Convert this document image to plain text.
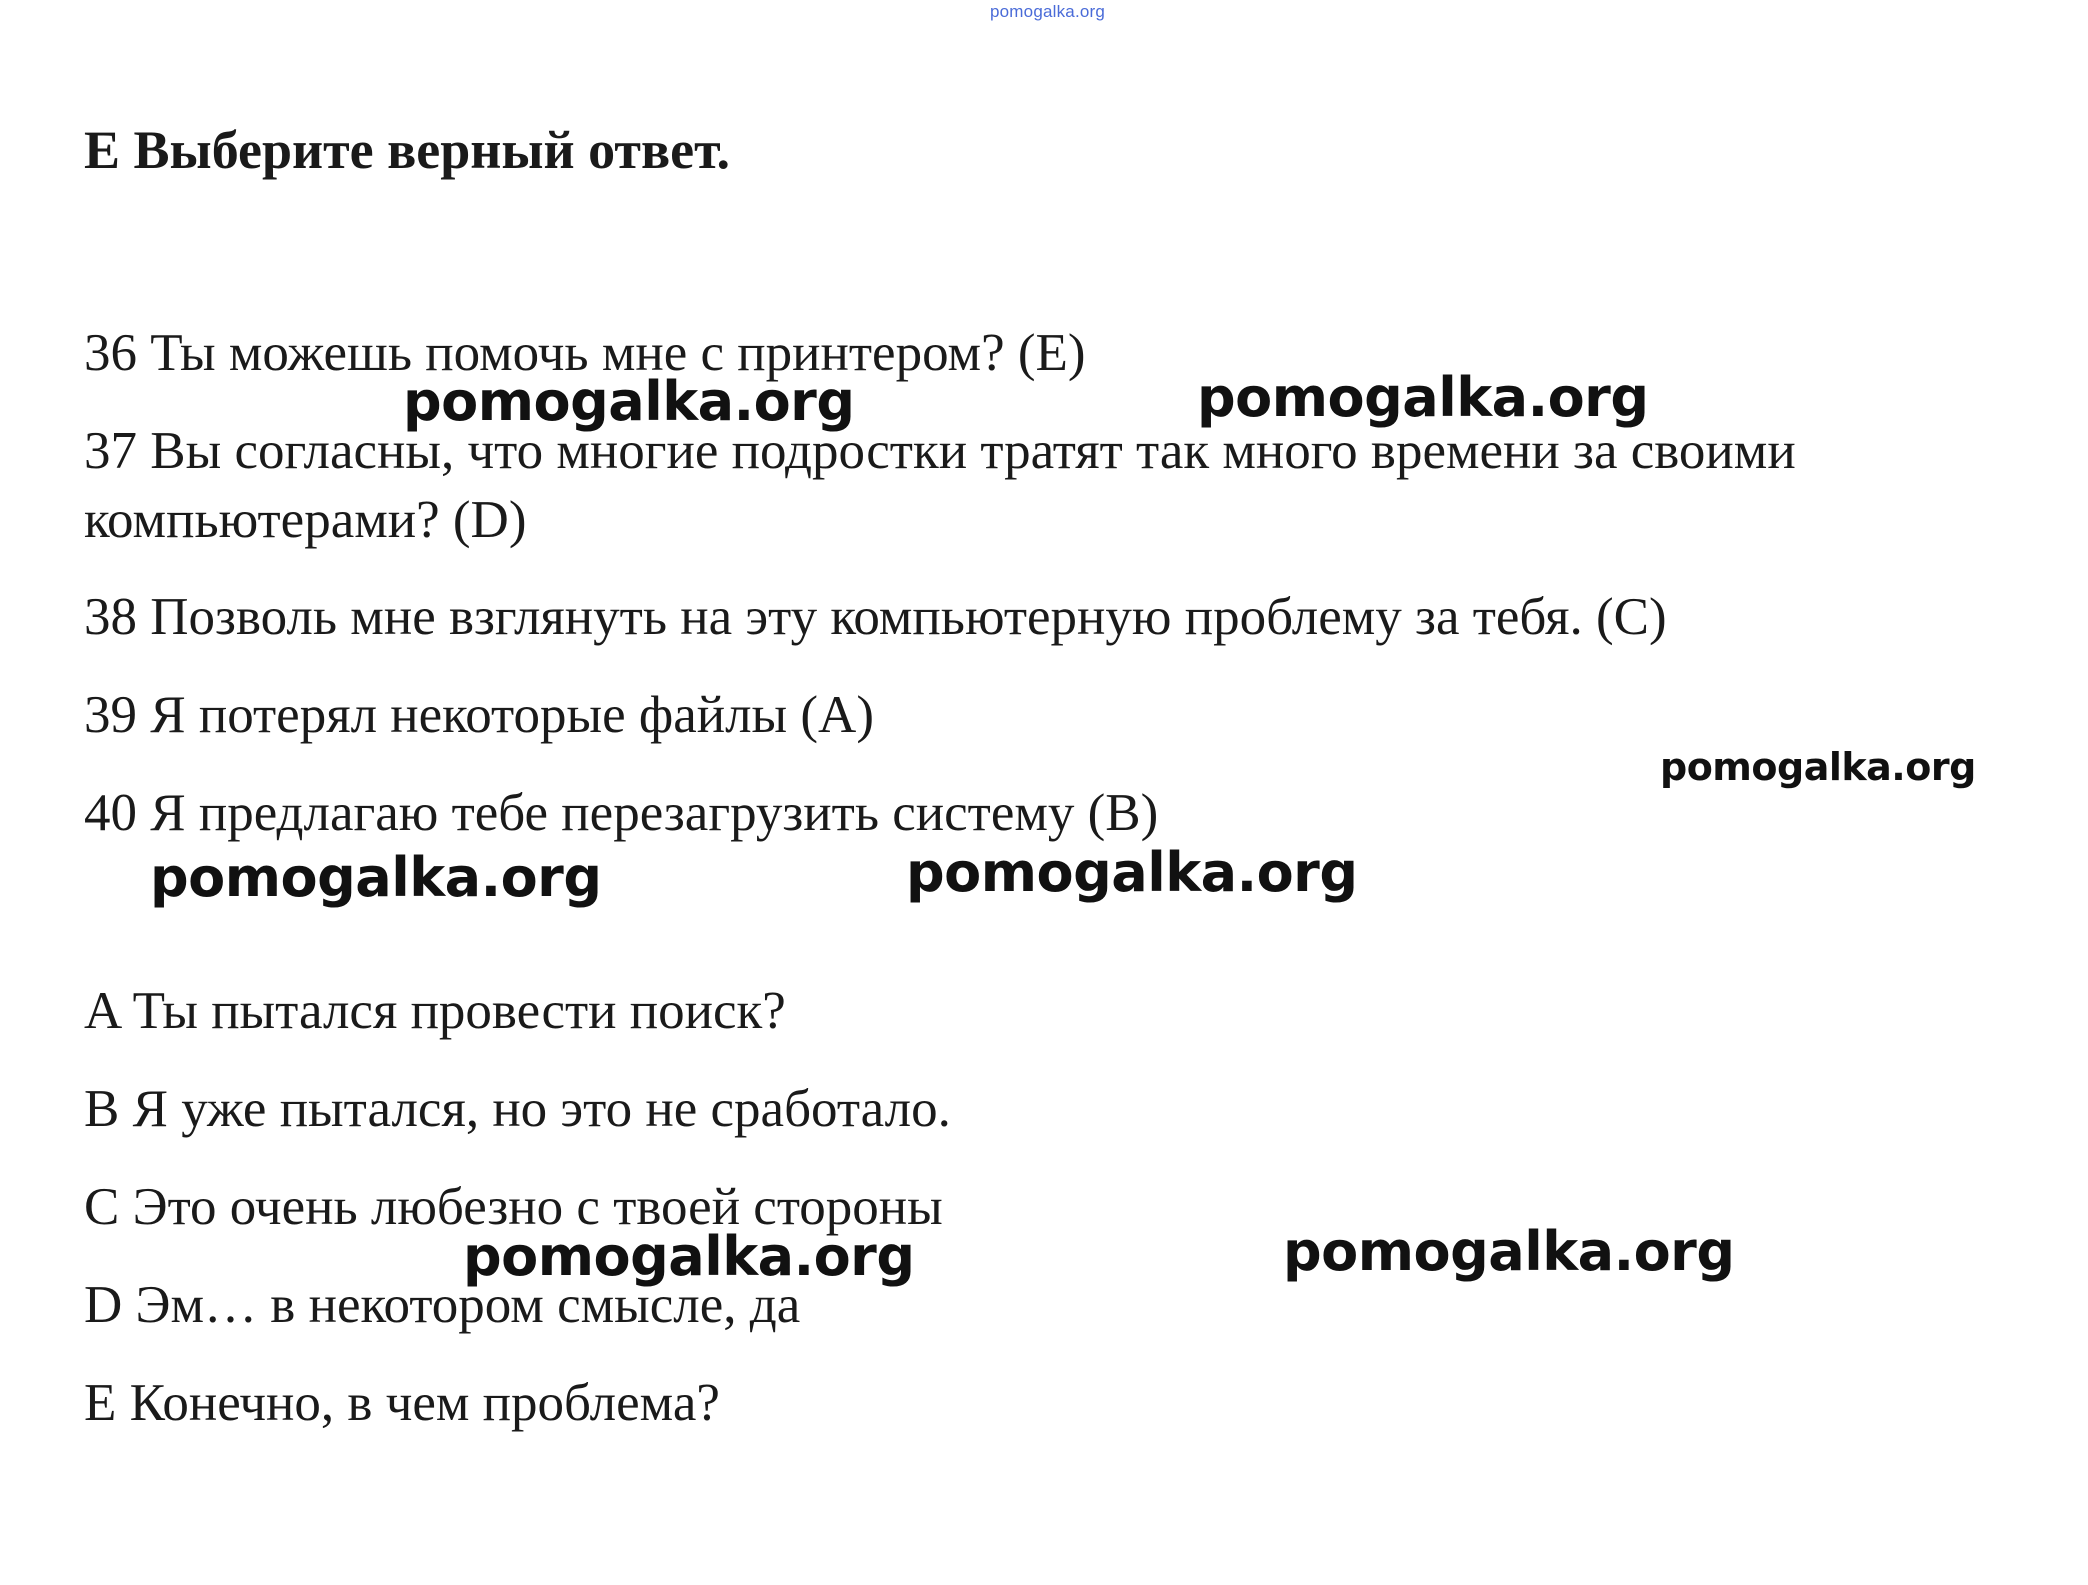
pomogalka.org
E Выберите верный ответ.
36 Ты можешь помочь мне с принтером? (E)
37 Вы согласны, что многие подростки тратят так много времени за своими
компьютерами? (D)
38 Позволь мне взглянуть на эту компьютерную проблему за тебя. (C)
39 Я потерял некоторые файлы (A)
40 Я предлагаю тебе перезагрузить систему (B)
A Ты пытался провести поиск?
B Я уже пытался, но это не сработало.
C Это очень любезно с твоей стороны
D Эм… в некотором смысле, да
E Конечно, в чем проблема?
pomogalka.org	pomogalka.org
pomogalka.org
pomogalka.org	pomogalka.org
pomogalka.org	pomogalka.org
